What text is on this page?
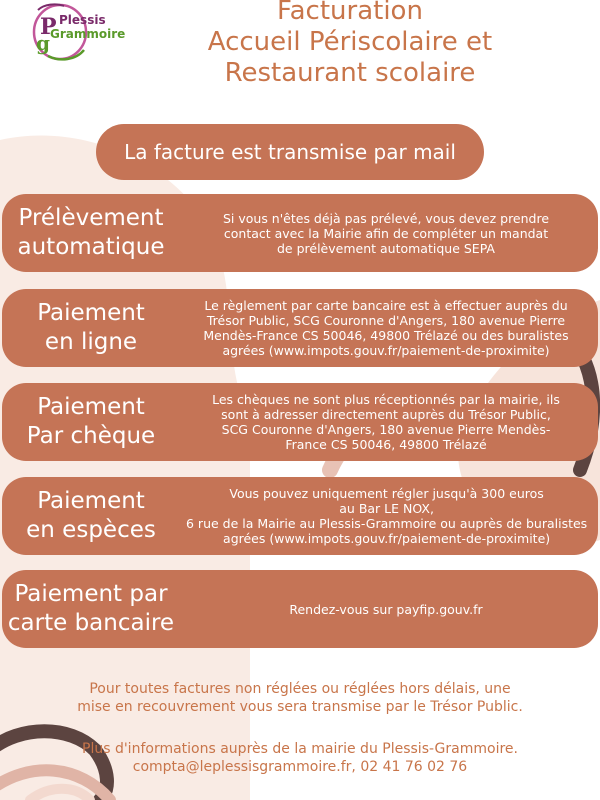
P
g
Plessis
Grammoire
Facturation
Accueil Périscolaire et
Restaurant scolaire
La facture est transmise par mail
Prélèvement
automatique
Si vous n'êtes déjà pas prélevé, vous devez prendre
contact avec la Mairie afin de compléter un mandat
de prélèvement automatique SEPA
Paiement
en ligne
Le règlement par carte bancaire est à effectuer auprès du
Trésor Public, SCG Couronne d'Angers, 180 avenue Pierre
Mendès-France CS 50046, 49800 Trélazé ou des buralistes
agrées (www.impots.gouv.fr/paiement-de-proximite)
Paiement
Par chèque
Les chèques ne sont plus réceptionnés par la mairie, ils
sont à adresser directement auprès du Trésor Public,
SCG Couronne d'Angers, 180 avenue Pierre Mendès-
France CS 50046, 49800 Trélazé
Paiement
en espèces
Vous pouvez uniquement régler jusqu'à 300 euros
au Bar LE NOX,
6 rue de la Mairie au Plessis-Grammoire ou auprès de buralistes
agrées (www.impots.gouv.fr/paiement-de-proximite)
Paiement par
carte bancaire
Rendez-vous sur payfip.gouv.fr
Pour toutes factures non réglées ou réglées hors délais, une
mise en recouvrement vous sera transmise par le Trésor Public.
Plus d'informations auprès de la mairie du Plessis-Grammoire.
compta@leplessisgrammoire.fr, 02 41 76 02 76
